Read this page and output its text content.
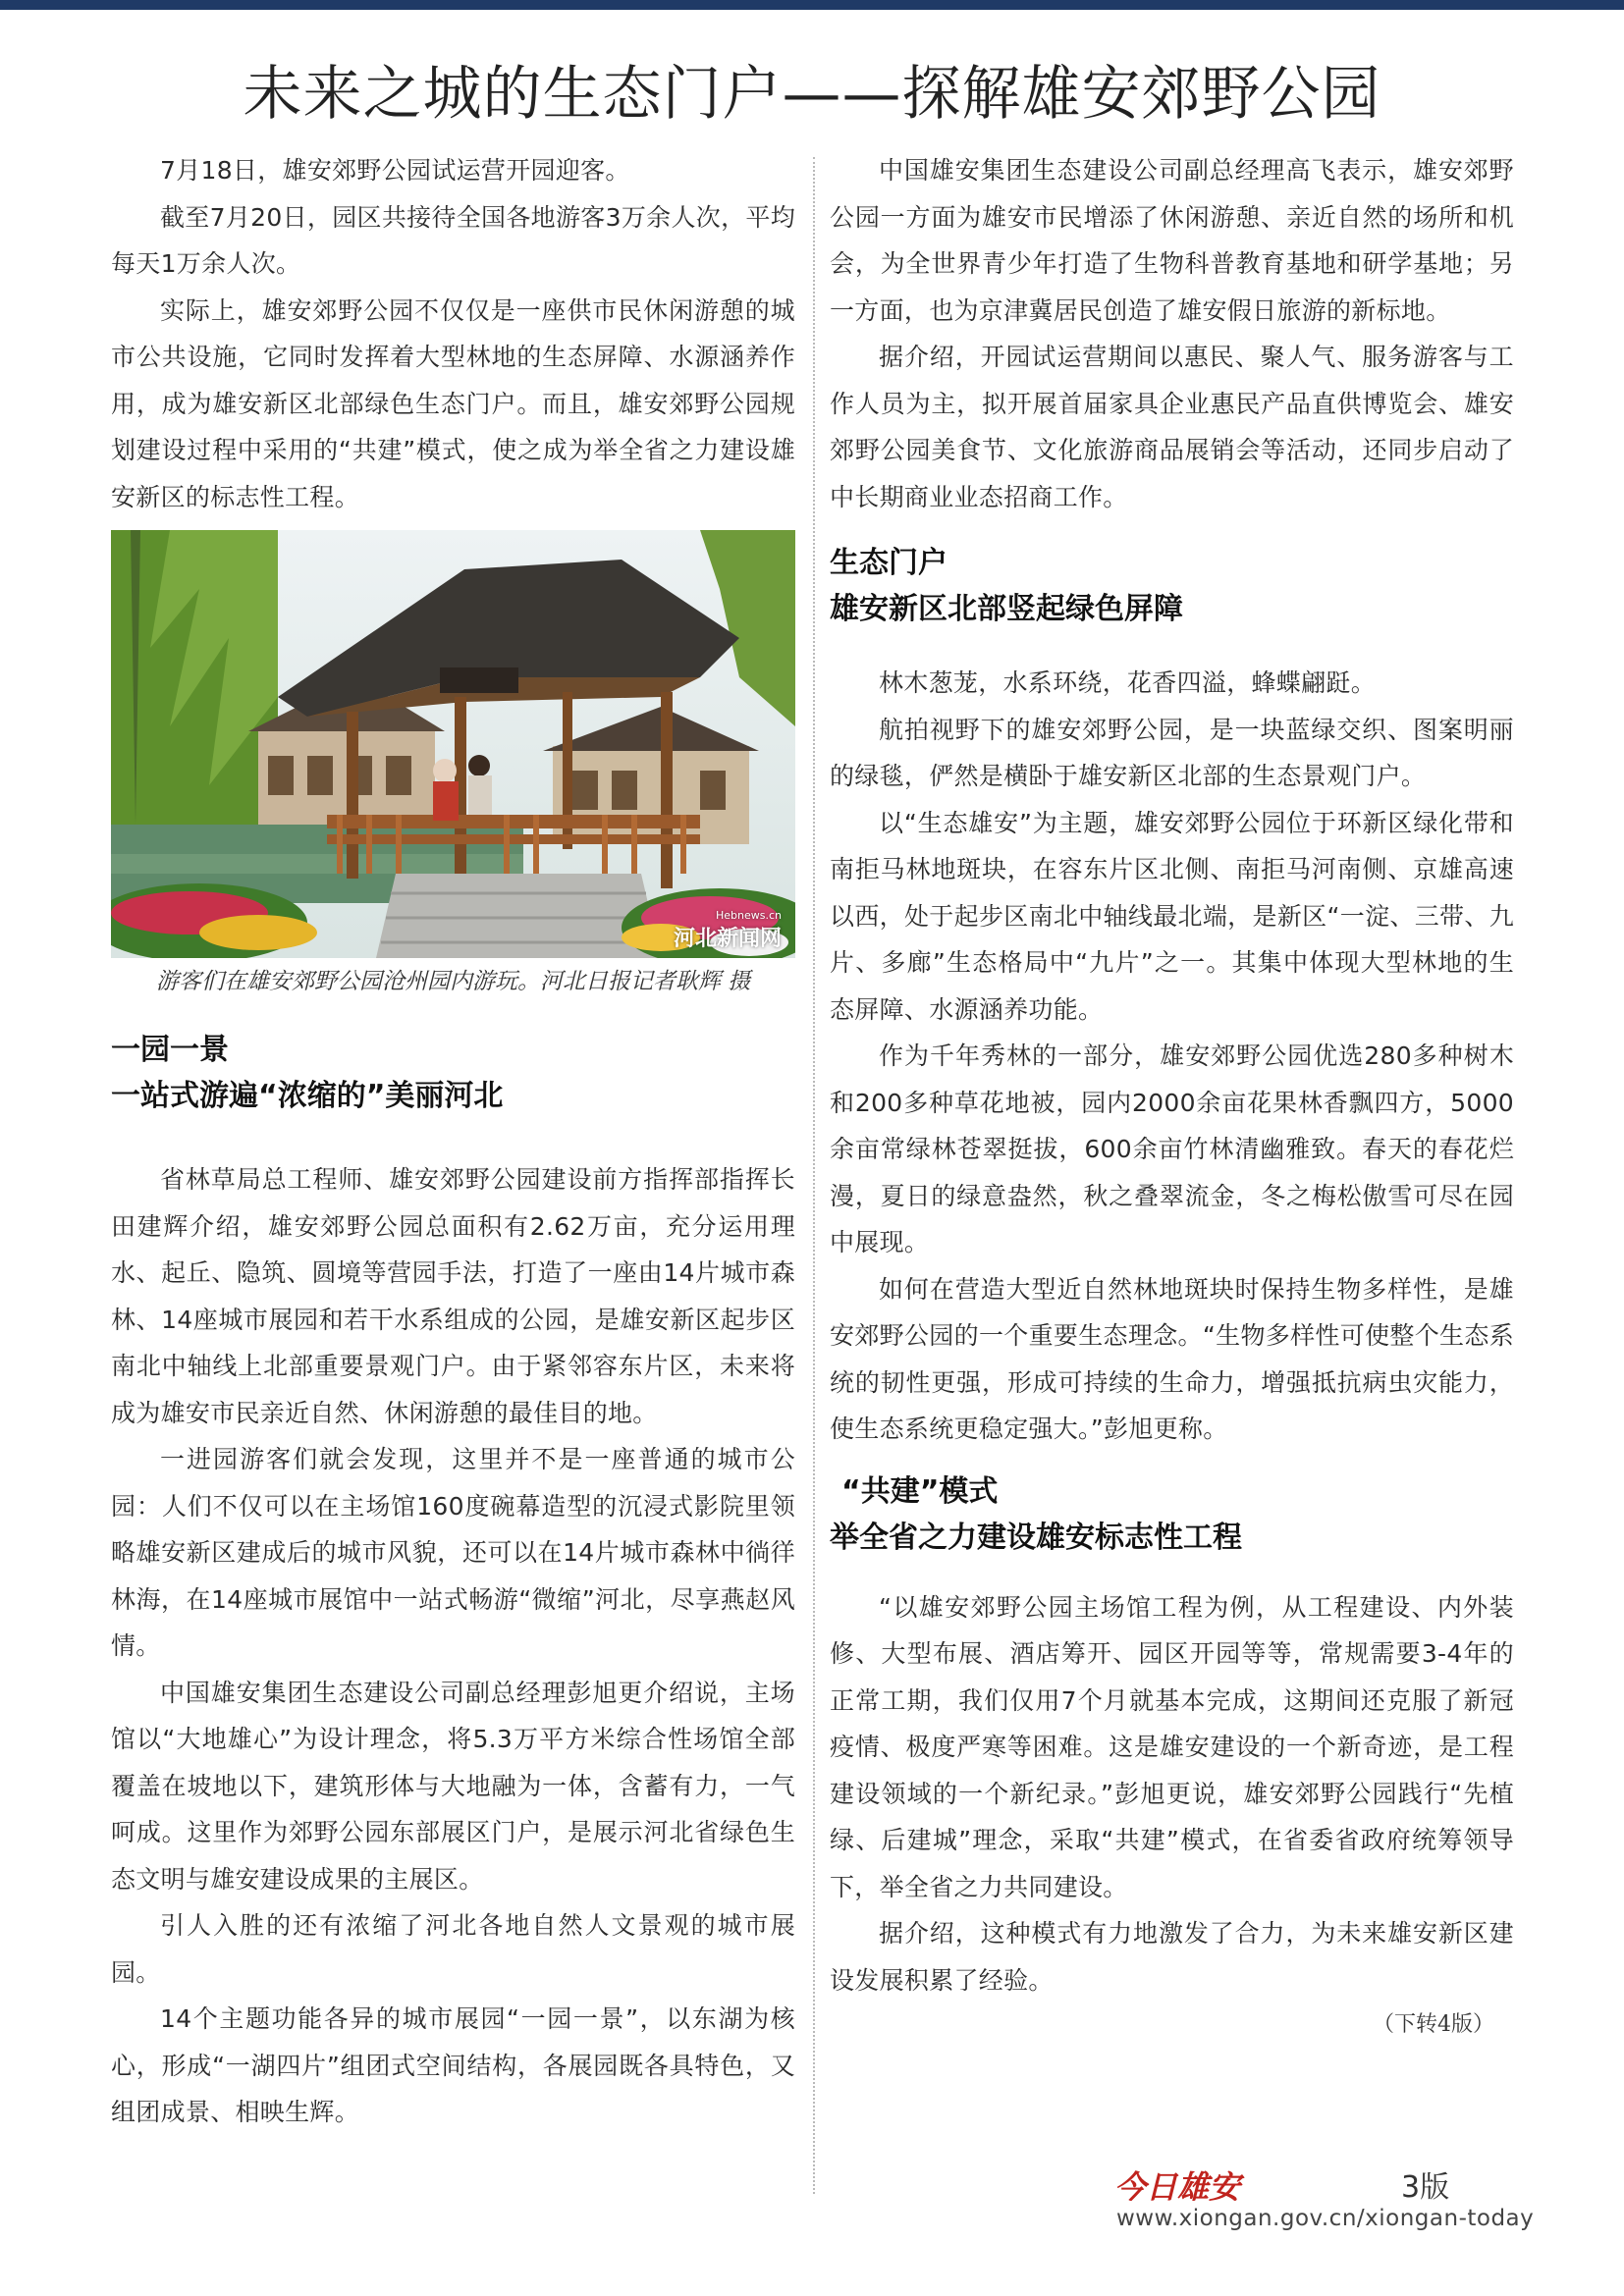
未来之城的生态门户——探解雄安郊野公园

7月18日，雄安郊野公园试运营开园迎客。

截至7月20日，园区共接待全国各地游客3万余人次，平均每天1万余人次。

实际上，雄安郊野公园不仅仅是一座供市民休闲游憩的城市公共设施，它同时发挥着大型林地的生态屏障、水源涵养作用，成为雄安新区北部绿色生态门户。而且，雄安郊野公园规划建设过程中采用的“共建”模式，使之成为举全省之力建设雄安新区的标志性工程。

Hebnews.cn
河北新闻网

游客们在雄安郊野公园沧州园内游玩。河北日报记者耿辉 摄

一园一景
一站式游遍“浓缩的”美丽河北

省林草局总工程师、雄安郊野公园建设前方指挥部指挥长田建辉介绍，雄安郊野公园总面积有2.62万亩，充分运用理水、起丘、隐筑、圆境等营园手法，打造了一座由14片城市森林、14座城市展园和若干水系组成的公园，是雄安新区起步区南北中轴线上北部重要景观门户。由于紧邻容东片区，未来将成为雄安市民亲近自然、休闲游憩的最佳目的地。

一进园游客们就会发现，这里并不是一座普通的城市公园：人们不仅可以在主场馆160度碗幕造型的沉浸式影院里领略雄安新区建成后的城市风貌，还可以在14片城市森林中徜徉林海，在14座城市展馆中一站式畅游“微缩”河北，尽享燕赵风情。

中国雄安集团生态建设公司副总经理彭旭更介绍说，主场馆以“大地雄心”为设计理念，将5.3万平方米综合性场馆全部覆盖在坡地以下，建筑形体与大地融为一体，含蓄有力，一气呵成。这里作为郊野公园东部展区门户，是展示河北省绿色生态文明与雄安建设成果的主展区。

引人入胜的还有浓缩了河北各地自然人文景观的城市展园。

14个主题功能各异的城市展园“一园一景”，以东湖为核心，形成“一湖四片”组团式空间结构，各展园既各具特色，又组团成景、相映生辉。

中国雄安集团生态建设公司副总经理高飞表示，雄安郊野公园一方面为雄安市民增添了休闲游憩、亲近自然的场所和机会，为全世界青少年打造了生物科普教育基地和研学基地；另一方面，也为京津冀居民创造了雄安假日旅游的新标地。

据介绍，开园试运营期间以惠民、聚人气、服务游客与工作人员为主，拟开展首届家具企业惠民产品直供博览会、雄安郊野公园美食节、文化旅游商品展销会等活动，还同步启动了中长期商业业态招商工作。

生态门户
雄安新区北部竖起绿色屏障

林木葱茏，水系环绕，花香四溢，蜂蝶翩跹。

航拍视野下的雄安郊野公园，是一块蓝绿交织、图案明丽的绿毯，俨然是横卧于雄安新区北部的生态景观门户。

以“生态雄安”为主题，雄安郊野公园位于环新区绿化带和南拒马林地斑块，在容东片区北侧、南拒马河南侧、京雄高速以西，处于起步区南北中轴线最北端，是新区“一淀、三带、九片、多廊”生态格局中“九片”之一。其集中体现大型林地的生态屏障、水源涵养功能。

作为千年秀林的一部分，雄安郊野公园优选280多种树木和200多种草花地被，园内2000余亩花果林香飘四方，5000余亩常绿林苍翠挺拔，600余亩竹林清幽雅致。春天的春花烂漫，夏日的绿意盎然，秋之叠翠流金，冬之梅松傲雪可尽在园中展现。

如何在营造大型近自然林地斑块时保持生物多样性，是雄安郊野公园的一个重要生态理念。“生物多样性可使整个生态系统的韧性更强，形成可持续的生命力，增强抵抗病虫灾能力，使生态系统更稳定强大。”彭旭更称。

“共建”模式
举全省之力建设雄安标志性工程

“以雄安郊野公园主场馆工程为例，从工程建设、内外装修、大型布展、酒店筹开、园区开园等等，常规需要3-4年的正常工期，我们仅用7个月就基本完成，这期间还克服了新冠疫情、极度严寒等困难。这是雄安建设的一个新奇迹，是工程建设领域的一个新纪录。”彭旭更说，雄安郊野公园践行“先植绿、后建城”理念，采取“共建”模式，在省委省政府统筹领导下，举全省之力共同建设。

据介绍，这种模式有力地激发了合力，为未来雄安新区建设发展积累了经验。

（下转4版）

今日雄安	3版
www.xiongan.gov.cn/xiongan-today
